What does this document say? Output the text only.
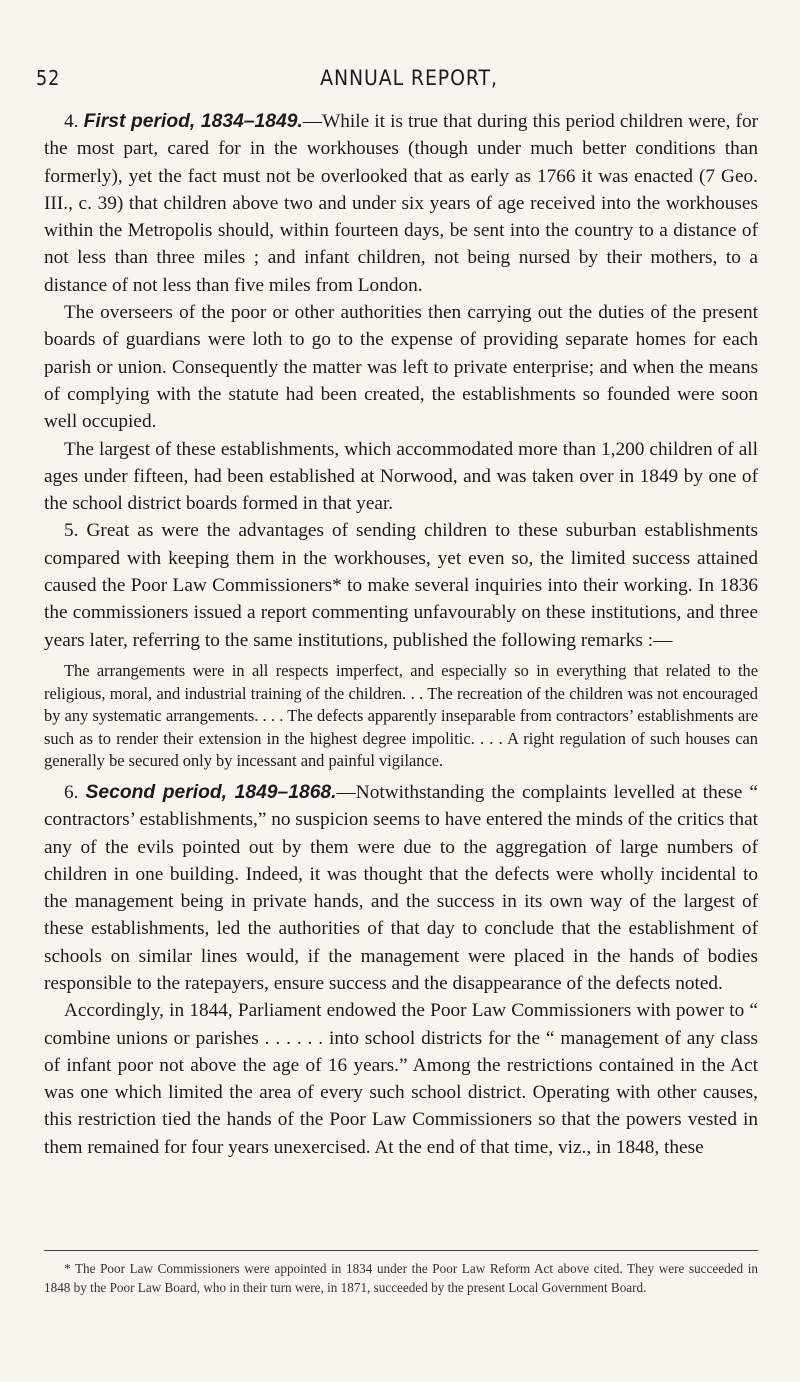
52	ANNUAL REPORT,

4. First period, 1834–1849.—While it is true that during this period children were, for the most part, cared for in the workhouses (though under much better conditions than formerly), yet the fact must not be overlooked that as early as 1766 it was enacted (7 Geo. III., c. 39) that children above two and under six years of age received into the workhouses within the Metropolis should, within fourteen days, be sent into the country to a distance of not less than three miles ; and infant children, not being nursed by their mothers, to a distance of not less than five miles from London.

The overseers of the poor or other authorities then carrying out the duties of the present boards of guardians were loth to go to the expense of providing separate homes for each parish or union. Consequently the matter was left to private enterprise; and when the means of complying with the statute had been created, the establishments so founded were soon well occupied.

The largest of these establishments, which accommodated more than 1,200 children of all ages under fifteen, had been established at Norwood, and was taken over in 1849 by one of the school district boards formed in that year.

5. Great as were the advantages of sending children to these suburban establishments compared with keeping them in the workhouses, yet even so, the limited success attained caused the Poor Law Commissioners* to make several inquiries into their working. In 1836 the commissioners issued a report commenting unfavourably on these institutions, and three years later, referring to the same institutions, published the following remarks :—

The arrangements were in all respects imperfect, and especially so in everything that related to the religious, moral, and industrial training of the children. . . The recreation of the children was not encouraged by any systematic arrangements. . . . The defects apparently inseparable from contractors’ establishments are such as to render their extension in the highest degree impolitic. . . . A right regulation of such houses can generally be secured only by incessant and painful vigilance.

6. Second period, 1849–1868.—Notwithstanding the complaints levelled at these “ contractors’ establishments,” no suspicion seems to have entered the minds of the critics that any of the evils pointed out by them were due to the aggregation of large numbers of children in one building. Indeed, it was thought that the defects were wholly incidental to the management being in private hands, and the success in its own way of the largest of these establishments, led the authorities of that day to conclude that the establishment of schools on similar lines would, if the management were placed in the hands of bodies responsible to the ratepayers, ensure success and the disappearance of the defects noted.

Accordingly, in 1844, Parliament endowed the Poor Law Commissioners with power to “ combine unions or parishes . . . . . . into school districts for the “ management of any class of infant poor not above the age of 16 years.” Among the restrictions contained in the Act was one which limited the area of every such school district. Operating with other causes, this restriction tied the hands of the Poor Law Commissioners so that the powers vested in them remained for four years unexercised. At the end of that time, viz., in 1848, these

* The Poor Law Commissioners were appointed in 1834 under the Poor Law Reform Act above cited. They were succeeded in 1848 by the Poor Law Board, who in their turn were, in 1871, succeeded by the present Local Government Board.
